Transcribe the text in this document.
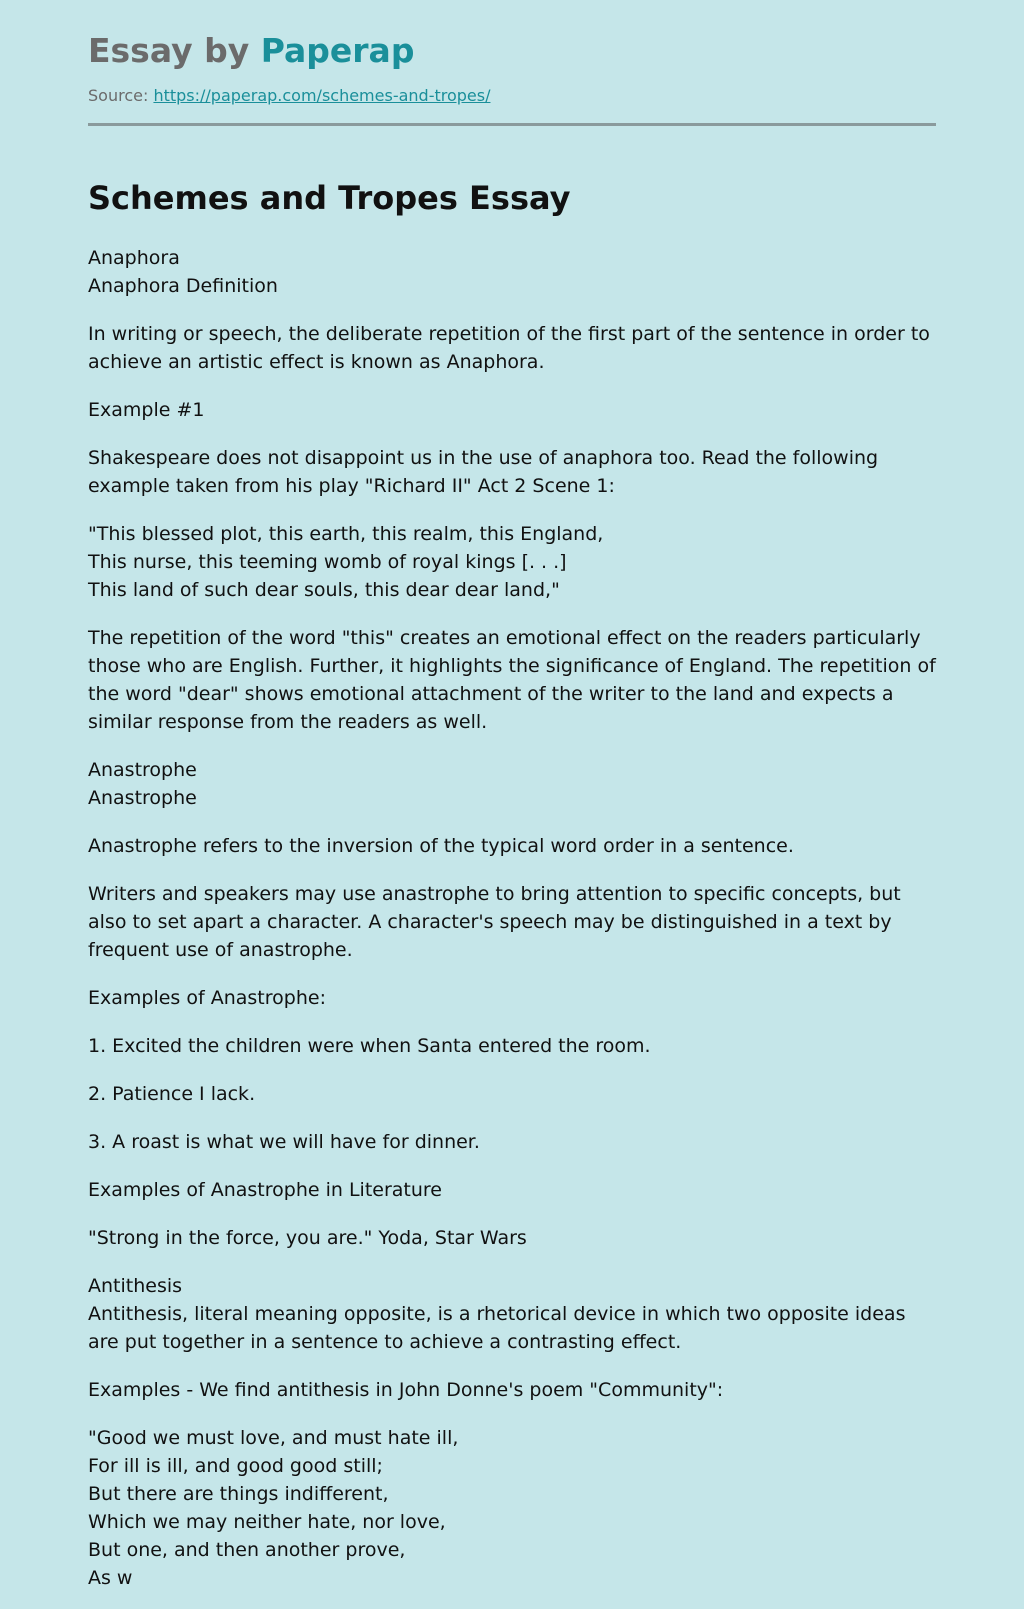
Essay by Paperap
Source: https://paperap.com/schemes-and-tropes/
Schemes and Tropes Essay

Anaphora
Anaphora Definition

In writing or speech, the deliberate repetition of the first part of the sentence in order to achieve an artistic effect is known as Anaphora.

Example #1

Shakespeare does not disappoint us in the use of anaphora too. Read the following example taken from his play "Richard II" Act 2 Scene 1:

"This blessed plot, this earth, this realm, this England,
This nurse, this teeming womb of royal kings [. . .]
This land of such dear souls, this dear dear land,"

The repetition of the word "this" creates an emotional effect on the readers particularly those who are English. Further, it highlights the significance of England. The repetition of the word "dear" shows emotional attachment of the writer to the land and expects a similar response from the readers as well.

Anastrophe
Anastrophe

Anastrophe refers to the inversion of the typical word order in a sentence.

Writers and speakers may use anastrophe to bring attention to specific concepts, but also to set apart a character. A character's speech may be distinguished in a text by frequent use of anastrophe.

Examples of Anastrophe:

1. Excited the children were when Santa entered the room.

2. Patience I lack.

3. A roast is what we will have for dinner.

Examples of Anastrophe in Literature

"Strong in the force, you are." Yoda, Star Wars

Antithesis
Antithesis, literal meaning opposite, is a rhetorical device in which two opposite ideas are put together in a sentence to achieve a contrasting effect.

Examples - We find antithesis in John Donne's poem "Community":

"Good we must love, and must hate ill,
For ill is ill, and good good still;
But there are things indifferent,
Which we may neither hate, nor love,
But one, and then another prove,
As w
